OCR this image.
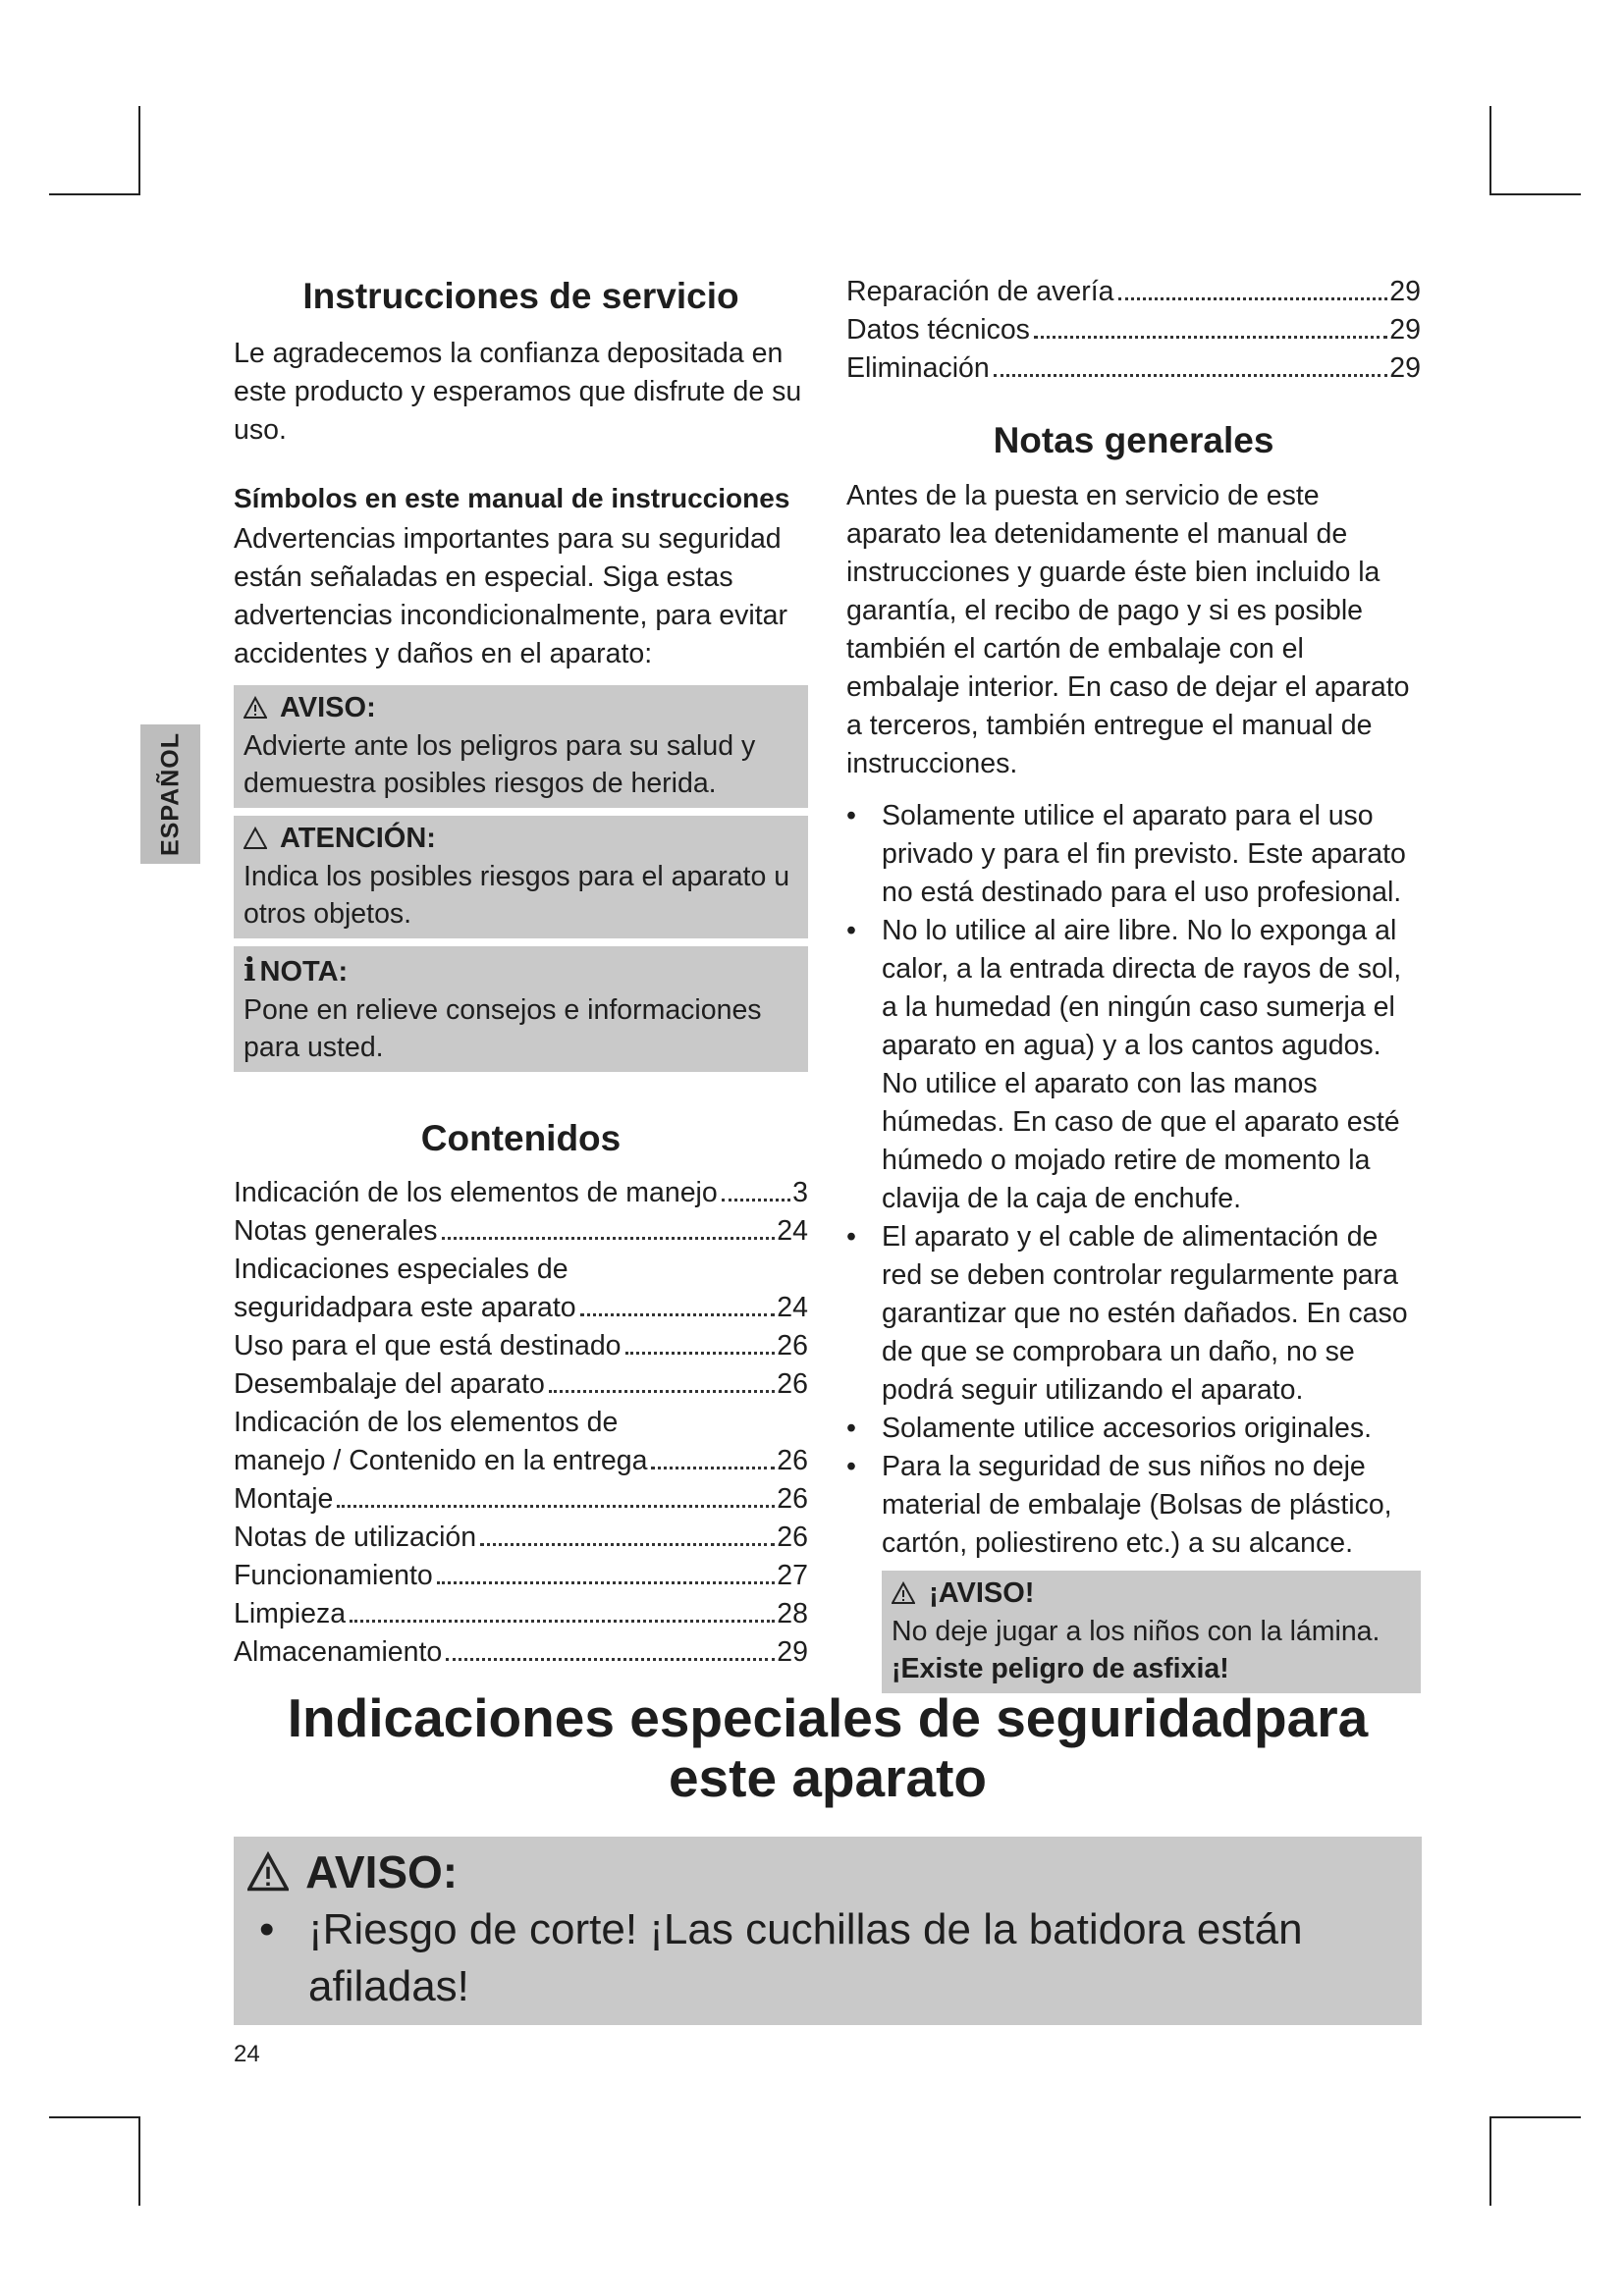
ESPAÑOL
Instrucciones de servicio

Le agradecemos la confianza depositada en este producto y esperamos que disfrute de su uso.

Símbolos en este manual de instrucciones

Advertencias importantes para su seguridad están señaladas en especial. Siga estas advertencias incondicionalmente, para evitar accidentes y daños en el aparato:

AVISO:

Advierte ante los peligros para su salud y demuestra posibles riesgos de herida.

ATENCIÓN:

Indica los posibles riesgos para el aparato u otros objetos.

i NOTA:

Pone en relieve consejos e informaciones para usted.

Contenidos
Indicación de los elementos de manejo	3
Notas generales	24
Indicaciones especiales de
seguridadpara este aparato	24
Uso para el que está destinado	26
Desembalaje del aparato	26
Indicación de los elementos de
manejo / Contenido en la entrega	26
Montaje	26
Notas de utilización	26
Funcionamiento	27
Limpieza	28
Almacenamiento	29
Reparación de avería	29
Datos técnicos	29
Eliminación	29
Notas generales

Antes de la puesta en servicio de este aparato lea detenidamente el manual de instrucciones y guarde éste bien incluido la garantía, el recibo de pago y si es posible también el cartón de embalaje con el embalaje interior. En caso de dejar el aparato a terceros, también entregue el manual de instrucciones.

• Solamente utilice el aparato para el uso privado y para el fin previsto. Este aparato no está destinado para el uso profesional.
• No lo utilice al aire libre. No lo exponga al calor, a la entrada directa de rayos de sol, a la humedad (en ningún caso sumerja el aparato en agua) y a los cantos agudos. No utilice el aparato con las manos húmedas. En caso de que el aparato esté húmedo o mojado retire de momento la clavija de la caja de enchufe.
• El aparato y el cable de alimentación de red se deben controlar regularmente para garantizar que no estén dañados. En caso de que se comprobara un daño, no se podrá seguir utilizando el aparato.
• Solamente utilice accesorios originales.
• Para la seguridad de sus niños no deje material de embalaje (Bolsas de plástico, cartón, poliestireno etc.) a su alcance.
¡AVISO!

No deje jugar a los niños con la lámina. ¡Existe peligro de asfixia!

Indicaciones especiales de seguridadpara este aparato
AVISO:
• ¡Riesgo de corte! ¡Las cuchillas de la batidora están afiladas!
24
